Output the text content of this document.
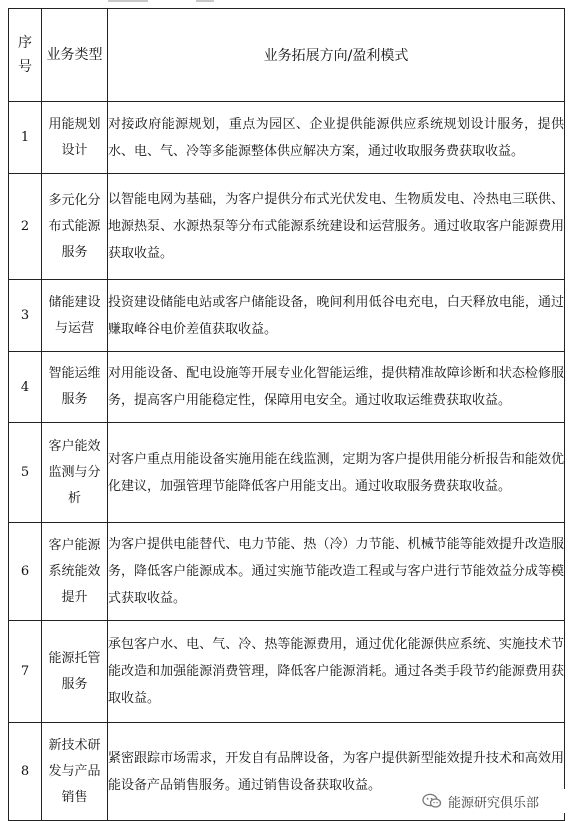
序号	业务类型	业务拓展方向/盈利模式
1	用能规划设计	对接政府能源规划，重点为园区、企业提供能源供应系统规划设计服务，提供水、电、气、冷等多能源整体供应解决方案，通过收取服务费获取收益。
2	多元化分布式能源服务	以智能电网为基础，为客户提供分布式光伏发电、生物质发电、冷热电三联供、地源热泵、水源热泵等分布式能源系统建设和运营服务。通过收取客户能源费用获取收益。
3	储能建设与运营	投资建设储能电站或客户储能设备，晚间利用低谷电充电，白天释放电能，通过赚取峰谷电价差值获取收益。
4	智能运维服务	对用能设备、配电设施等开展专业化智能运维，提供精准故障诊断和状态检修服务，提高客户用能稳定性，保障用电安全。通过收取运维费获取收益。
5	客户能效监测与分析	对客户重点用能设备实施用能在线监测，定期为客户提供用能分析报告和能效优化建议，加强管理节能降低客户用能支出。通过收取服务费获取收益。
6	客户能源系统能效提升	为客户提供电能替代、电力节能、热（冷）力节能、机械节能等能效提升改造服务，降低客户能源成本。通过实施节能改造工程或与客户进行节能效益分成等模式获取收益。
7	能源托管服务	承包客户水、电、气、冷、热等能源费用，通过优化能源供应系统、实施技术节能改造和加强能源消费管理，降低客户能源消耗。通过各类手段节约能源费用获取收益。
8	新技术研发与产品销售	紧密跟踪市场需求，开发自有品牌设备，为客户提供新型能效提升技术和高效用能设备产品销售服务。通过销售设备获取收益。
能源研究俱乐部
